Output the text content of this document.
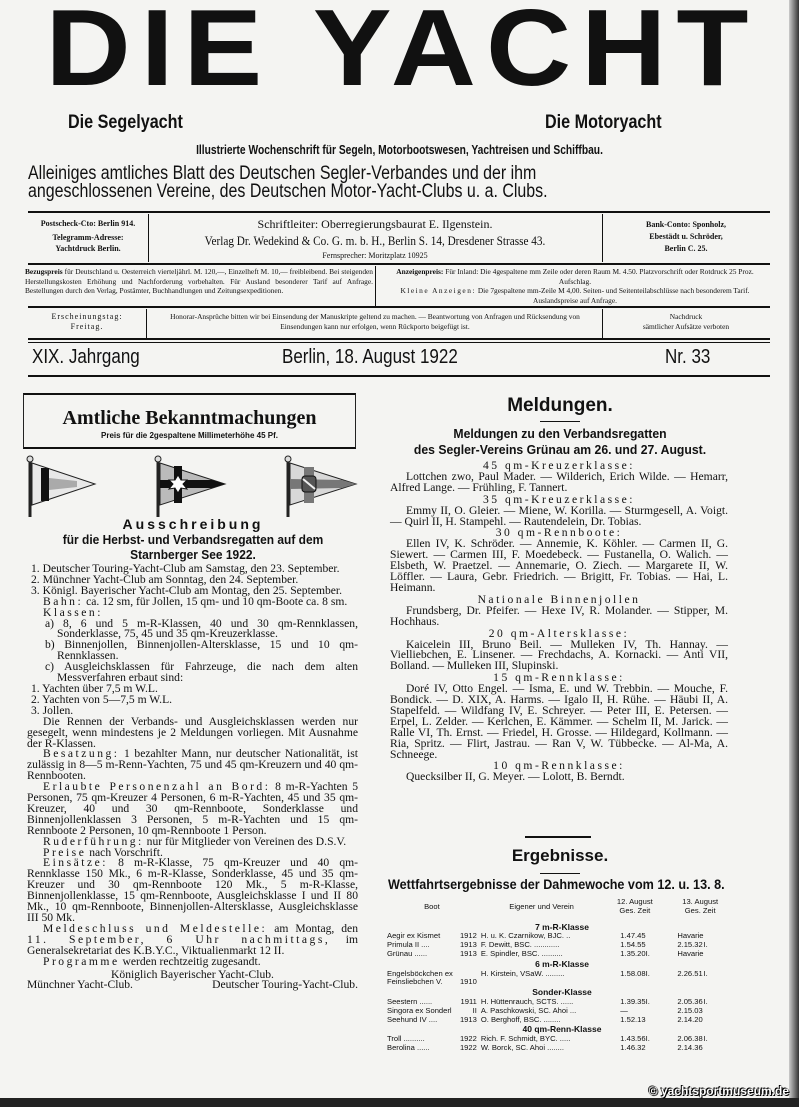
DIE YACHT
Die Segelyacht	Die Motoryacht
Illustrierte Wochenschrift für Segeln, Motorbootswesen, Yachtreisen und Schiffbau.
Alleiniges amtliches Blatt des Deutschen Segler-Verbandes und der ihm
angeschlossenen Vereine, des Deutschen Motor-Yacht-Clubs u. a. Clubs.
Postscheck-Cto: Berlin 914.
Telegramm-Adresse:
Yachtdruck Berlin.
Schriftleiter: Oberregierungsbaurat E. Ilgenstein.
Verlag Dr. Wedekind & Co. G. m. b. H., Berlin S. 14, Dresdener Strasse 43.
Fernsprecher: Moritzplatz 10925
Bank-Conto: Sponholz,
Ebestädt u. Schröder,
Berlin C. 25.
Bezugspreis für Deutschland u. Oesterreich vierteljährl. M. 120,—, Einzelheft M. 10,— freibleibend. Bei steigenden Herstellungskosten Erhöhung und Nachforderung vorbehalten. Für Ausland besonderer Tarif auf Anfrage. Bestellungen durch den Verlag, Postämter, Buchhandlungen und Zeitungsexpeditionen.
Anzeigenpreis: Für Inland: Die 4gespaltene mm Zeile oder deren Raum M. 4.50. Platzvorschrift oder Rotdruck 25 Proz. Aufschlag.
Kleine Anzeigen: Die 7gespaltene mm-Zeile M 4,00. Seiten- und Seitenteilabschlüsse nach besonderem Tarif. Auslandspreise auf Anfrage.
Erscheinungstag:
Freitag.
Honorar-Ansprüche bitten wir bei Einsendung der Manuskripte geltend zu machen. — Beantwortung von Anfragen und Rücksendung von Einsendungen kann nur erfolgen, wenn Rückporto beigefügt ist.
Nachdruck
sämtlicher Aufsätze verboten
XIX. Jahrgang	Berlin, 18. August 1922	Nr. 33
Amtliche Bekanntmachungen
Preis für die 2gespaltene Millimeterhöhe 45 Pf.
Ausschreibung
für die Herbst- und Verbandsregatten auf dem
Starnberger See 1922.

1. Deutscher Touring-Yacht-Club am Samstag, den 23. September.

2. Münchner Yacht-Club am Sonntag, den 24. September.

3. Königl. Bayerischer Yacht-Club am Montag, den 25. September.

Bahn: ca. 12 sm, für Jollen, 15 qm- und 10 qm-Boote ca. 8 sm.

Klassen:

a) 8, 6 und 5 m-R-Klassen, 40 und 30 qm-Rennklassen, Sonderklasse, 75, 45 und 35 qm-Kreuzerklasse.

b) Binnenjollen, Binnenjollen-Altersklasse, 15 und 10 qm-Rennklassen.

c) Ausgleichsklassen für Fahrzeuge, die nach dem alten Messverfahren erbaut sind:

1. Yachten über 7,5 m W.L.

2. Yachten von 5—7,5 m W.L.

3. Jollen.

Die Rennen der Verbands- und Ausgleichsklassen werden nur gesegelt, wenn mindestens je 2 Meldungen vorliegen. Mit Ausnahme der R-Klassen.

Besatzung: 1 bezahlter Mann, nur deutscher Nationalität, ist zulässig in 8—5 m-Renn-Yachten, 75 und 45 qm-Kreuzern und 40 qm-Rennbooten.

Erlaubte Personenzahl an Bord: 8 m-R-Yachten 5 Personen, 75 qm-Kreuzer 4 Personen, 6 m-R-Yachten, 45 und 35 qm-Kreuzer, 40 und 30 qm-Rennboote, Sonderklasse und Binnenjollenklassen 3 Personen, 5 m-R-Yachten und 15 qm-Rennboote 2 Personen, 10 qm-Rennboote 1 Person.

Ruderführung: nur für Mitglieder von Vereinen des D.S.V.

Preise nach Vorschrift.

Einsätze: 8 m-R-Klasse, 75 qm-Kreuzer und 40 qm-Rennklasse 150 Mk., 6 m-R-Klasse, Sonderklasse, 45 und 35 qm-Kreuzer und 30 qm-Rennboote 120 Mk., 5 m-R-Klasse, Binnenjollenklasse, 15 qm-Rennboote, Ausgleichsklasse I und II 80 Mk., 10 qm-Rennboote, Binnenjollen-Altersklasse, Ausgleichsklasse III 50 Mk.

Meldeschluss und Meldestelle: am Montag, den 11. September, 6 Uhr nachmittags, im Generalsekretariat des K.B.Y.C., Viktualienmarkt 12 II.

Programme werden rechtzeitig zugesandt.

Königlich Bayerischer Yacht-Club.

Münchner Yacht-Club.	Deutscher Touring-Yacht-Club.
Meldungen.
Meldungen zu den Verbandsregatten
des Segler-Vereins Grünau am 26. und 27. August.

45 qm-Kreuzerklasse:

Lottchen zwo, Paul Mader. — Wilderich, Erich Wilde. — Hemarr, Alfred Lange. — Frühling, F. Tannert.

35 qm-Kreuzerklasse:

Emmy II, O. Gleier. — Miene, W. Korilla. — Sturmgesell, A. Voigt. — Quirl II, H. Stampehl. — Rautendelein, Dr. Tobias.

30 qm-Rennboote:

Ellen IV, K. Schröder. — Annemie, K. Köhler. — Carmen II, G. Siewert. — Carmen III, F. Moedebeck. — Fustanella, O. Walich. — Elsbeth, W. Praetzel. — Annemarie, O. Ziech. — Margarete II, W. Löffler. — Laura, Gebr. Friedrich. — Brigitt, Fr. Tobias. — Hai, L. Heimann.

Nationale Binnenjollen

Frundsberg, Dr. Pfeifer. — Hexe IV, R. Molander. — Stipper, M. Hochhaus.

20 qm-Altersklasse:

Kaicelein III, Bruno Beil. — Mulleken IV, Th. Hannay. — Vielliebchen, E. Linsener. — Frechdachs, A. Kornacki. — Anti VII, Bolland. — Mulleken III, Slupinski.

15 qm-Rennklasse:

Doré IV, Otto Engel. — Isma, E. und W. Trebbin. — Mouche, F. Bondick. — D. XIX, A. Harms. — Igalo II, H. Rühe. — Häubi II, A. Stapelfeld. — Wildfang IV, E. Schreyer. — Peter III, E. Petersen. — Erpel, L. Zelder. — Kerlchen, E. Kämmer. — Schelm II, M. Jarick. — Ralle VI, Th. Ernst. — Friedel, H. Grosse. — Hildegard, Kollmann. — Ria, Spritz. — Flirt, Jastrau. — Ran V, W. Tübbecke. — Al-Ma, A. Schneege.

10 qm-Rennklasse:

Quecksilber II, G. Meyer. — Lolott, B. Berndt.

Ergebnisse.
Wettfahrtsergebnisse der Dahmewoche vom 12. u. 13. 8.
Boot		Eigener und Verein	12. August
Ges. Zeit		13. August
Ges. Zeit	
7 m-R-Klasse						
Aegir ex Kismet	1912	H. u. K. Czarnikow, BJC. ..	1.47.45		Havarie	
Primula II ....	1913	F. Dewitt, BSC. ............	1.54.55		2.15.32	I.
Grünau ......	1913	E. Spindler, BSC. ..........	1.35.20	I.	Havarie	
6 m-R-Klasse						
Engelsböckchen ex		H. Kirstein, VSaW. .........	1.58.08	I.	2.26.51	I.
Feinsliebchen V.	1910					
Sonder-Klasse						
Seestern ......	1911	H. Hüttenrauch, SCTS. ......	1.39.35	I.	2.05.36	I.
Singora ex Sonderl	II	A. Paschkowski, SC. Ahoi ...	—		2.15.03	
Seehund IV ....	1913	O. Berghoff, BSC. ........	1.52.13		2.14.20	
40 qm-Renn-Klasse						
Troll ..........	1922	Rich. F. Schmidt, BYC. .....	1.43.56	I.	2.06.38	I.
Berolina ......	1922	W. Borck, SC. Ahoi ........	1.46.32		2.14.36	
© yachtsportmuseum.de
